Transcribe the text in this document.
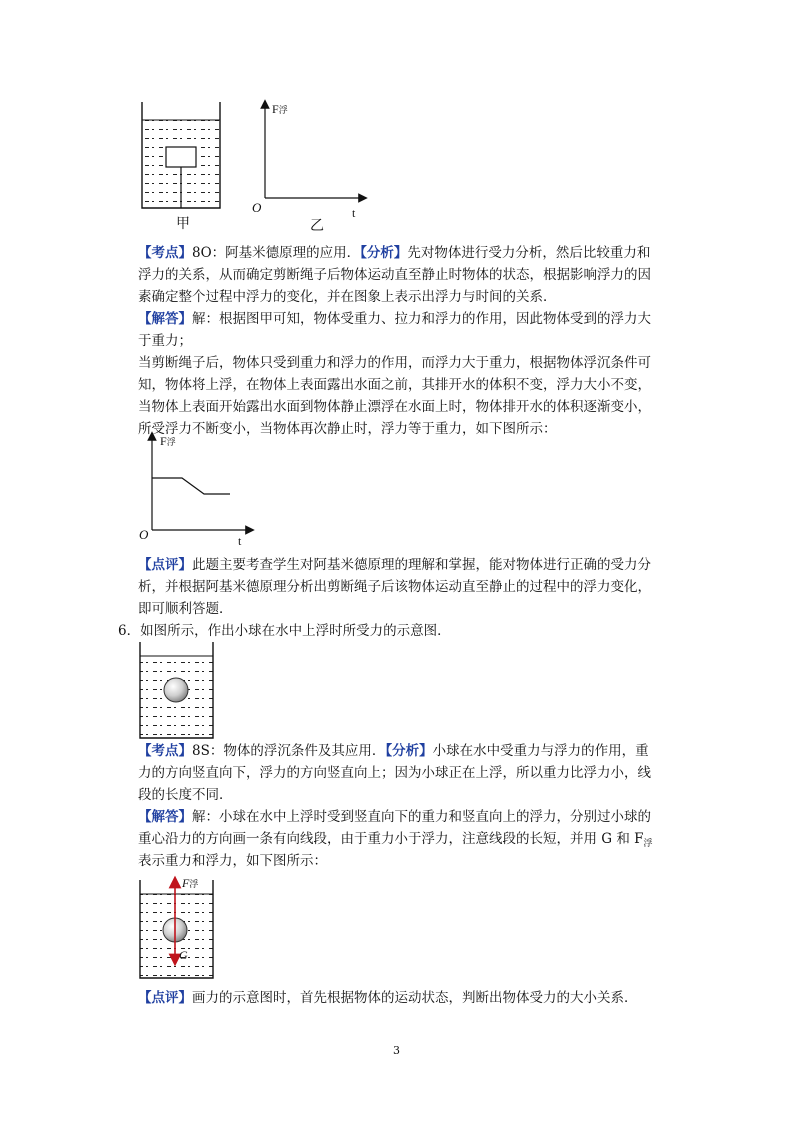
甲	乙
F浮
O	t
【考点】8O：阿基米德原理的应用．【分析】先对物体进行受力分析，然后比较重力和
浮力的关系，从而确定剪断绳子后物体运动直至静止时物体的状态，根据影响浮力的因
素确定整个过程中浮力的变化，并在图象上表示出浮力与时间的关系．
【解答】解：根据图甲可知，物体受重力、拉力和浮力的作用，因此物体受到的浮力大
于重力；
当剪断绳子后，物体只受到重力和浮力的作用，而浮力大于重力，根据物体浮沉条件可
知，物体将上浮，在物体上表面露出水面之前，其排开水的体积不变，浮力大小不变，
当物体上表面开始露出水面到物体静止漂浮在水面上时，物体排开水的体积逐渐变小，
所受浮力不断变小，当物体再次静止时，浮力等于重力，如下图所示：
F浮
O	t
【点评】此题主要考查学生对阿基米德原理的理解和掌握，能对物体进行正确的受力分
析，并根据阿基米德原理分析出剪断绳子后该物体运动直至静止的过程中的浮力变化，
即可顺利答题．
6．如图所示，作出小球在水中上浮时所受力的示意图．
【考点】8S：物体的浮沉条件及其应用．【分析】小球在水中受重力与浮力的作用，重
力的方向竖直向下，浮力的方向竖直向上；因为小球正在上浮，所以重力比浮力小，线
段的长度不同．
【解答】解：小球在水中上浮时受到竖直向下的重力和竖直向上的浮力，分别过小球的
重心沿力的方向画一条有向线段，由于重力小于浮力，注意线段的长短，并用 G 和 $F_浮$
表示重力和浮力，如下图所示：
F浮
G
【点评】画力的示意图时，首先根据物体的运动状态，判断出物体受力的大小关系．
3
